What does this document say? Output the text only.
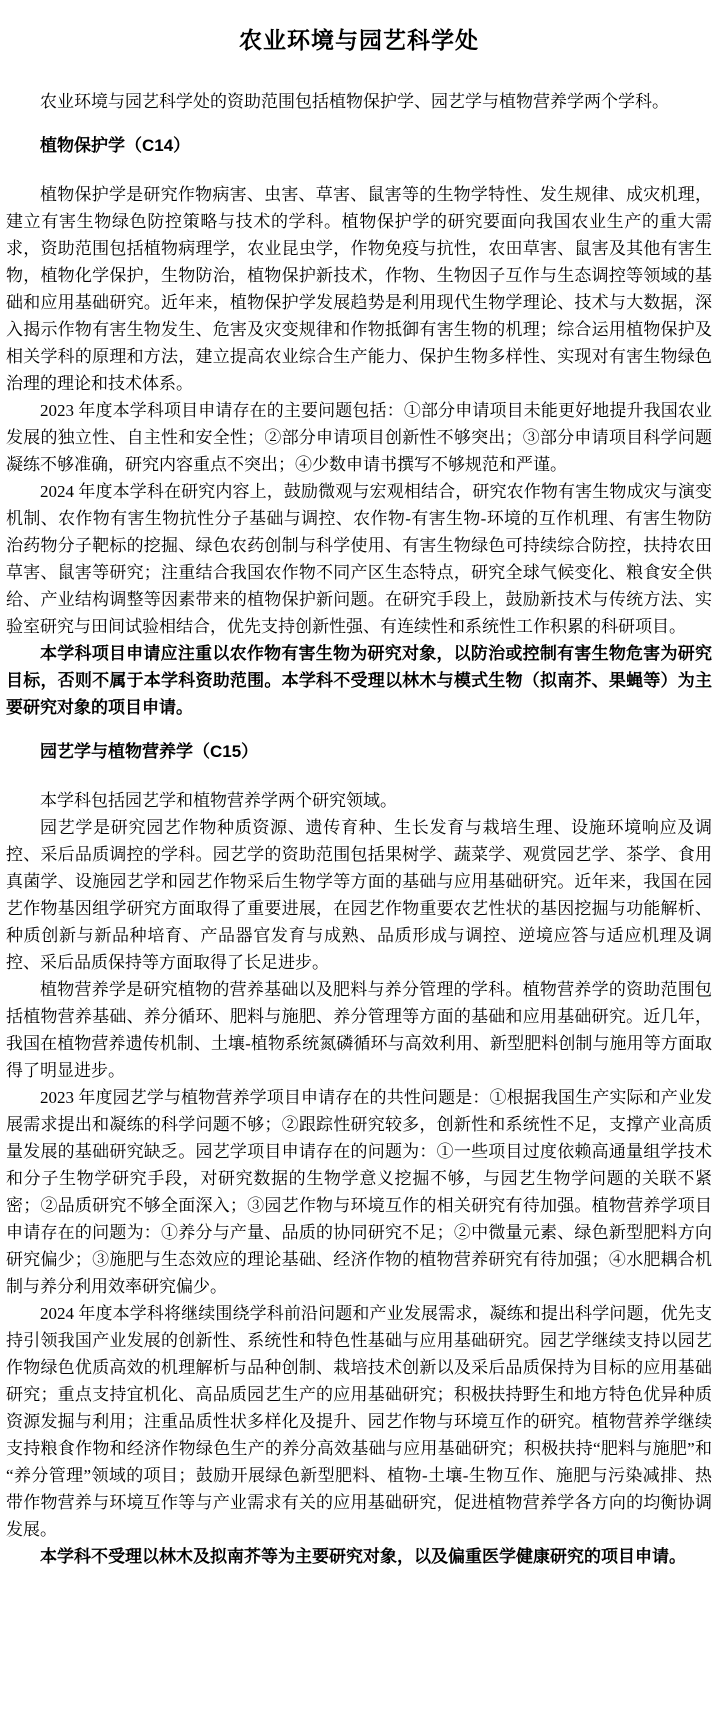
农业环境与园艺科学处

农业环境与园艺科学处的资助范围包括植物保护学、园艺学与植物营养学两个学科。

植物保护学（C14）

植物保护学是研究作物病害、虫害、草害、鼠害等的生物学特性、发生规律、成灾机理，建立有害生物绿色防控策略与技术的学科。植物保护学的研究要面向我国农业生产的重大需求，资助范围包括植物病理学，农业昆虫学，作物免疫与抗性，农田草害、鼠害及其他有害生物，植物化学保护，生物防治，植物保护新技术，作物、生物因子互作与生态调控等领域的基础和应用基础研究。近年来，植物保护学发展趋势是利用现代生物学理论、技术与大数据，深入揭示作物有害生物发生、危害及灾变规律和作物抵御有害生物的机理；综合运用植物保护及相关学科的原理和方法，建立提高农业综合生产能力、保护生物多样性、实现对有害生物绿色治理的理论和技术体系。

2023 年度本学科项目申请存在的主要问题包括：①部分申请项目未能更好地提升我国农业发展的独立性、自主性和安全性；②部分申请项目创新性不够突出；③部分申请项目科学问题凝练不够准确，研究内容重点不突出；④少数申请书撰写不够规范和严谨。

2024 年度本学科在研究内容上，鼓励微观与宏观相结合，研究农作物有害生物成灾与演变机制、农作物有害生物抗性分子基础与调控、农作物-有害生物-环境的互作机理、有害生物防治药物分子靶标的挖掘、绿色农药创制与科学使用、有害生物绿色可持续综合防控，扶持农田草害、鼠害等研究；注重结合我国农作物不同产区生态特点，研究全球气候变化、粮食安全供给、产业结构调整等因素带来的植物保护新问题。在研究手段上，鼓励新技术与传统方法、实验室研究与田间试验相结合，优先支持创新性强、有连续性和系统性工作积累的科研项目。

本学科项目申请应注重以农作物有害生物为研究对象，以防治或控制有害生物危害为研究目标，否则不属于本学科资助范围。本学科不受理以林木与模式生物（拟南芥、果蝇等）为主要研究对象的项目申请。

园艺学与植物营养学（C15）

本学科包括园艺学和植物营养学两个研究领域。

园艺学是研究园艺作物种质资源、遗传育种、生长发育与栽培生理、设施环境响应及调控、采后品质调控的学科。园艺学的资助范围包括果树学、蔬菜学、观赏园艺学、茶学、食用真菌学、设施园艺学和园艺作物采后生物学等方面的基础与应用基础研究。近年来，我国在园艺作物基因组学研究方面取得了重要进展，在园艺作物重要农艺性状的基因挖掘与功能解析、种质创新与新品种培育、产品器官发育与成熟、品质形成与调控、逆境应答与适应机理及调控、采后品质保持等方面取得了长足进步。

植物营养学是研究植物的营养基础以及肥料与养分管理的学科。植物营养学的资助范围包括植物营养基础、养分循环、肥料与施肥、养分管理等方面的基础和应用基础研究。近几年，我国在植物营养遗传机制、土壤-植物系统氮磷循环与高效利用、新型肥料创制与施用等方面取得了明显进步。

2023 年度园艺学与植物营养学项目申请存在的共性问题是：①根据我国生产实际和产业发展需求提出和凝练的科学问题不够；②跟踪性研究较多，创新性和系统性不足，支撑产业高质量发展的基础研究缺乏。园艺学项目申请存在的问题为：①一些项目过度依赖高通量组学技术和分子生物学研究手段，对研究数据的生物学意义挖掘不够，与园艺生物学问题的关联不紧密；②品质研究不够全面深入；③园艺作物与环境互作的相关研究有待加强。植物营养学项目申请存在的问题为：①养分与产量、品质的协同研究不足；②中微量元素、绿色新型肥料方向研究偏少；③施肥与生态效应的理论基础、经济作物的植物营养研究有待加强；④水肥耦合机制与养分利用效率研究偏少。

2024 年度本学科将继续围绕学科前沿问题和产业发展需求，凝练和提出科学问题，优先支持引领我国产业发展的创新性、系统性和特色性基础与应用基础研究。园艺学继续支持以园艺作物绿色优质高效的机理解析与品种创制、栽培技术创新以及采后品质保持为目标的应用基础研究；重点支持宜机化、高品质园艺生产的应用基础研究；积极扶持野生和地方特色优异种质资源发掘与利用；注重品质性状多样化及提升、园艺作物与环境互作的研究。植物营养学继续支持粮食作物和经济作物绿色生产的养分高效基础与应用基础研究；积极扶持“肥料与施肥”和“养分管理”领域的项目；鼓励开展绿色新型肥料、植物-土壤-生物互作、施肥与污染减排、热带作物营养与环境互作等与产业需求有关的应用基础研究，促进植物营养学各方向的均衡协调发展。

本学科不受理以林木及拟南芥等为主要研究对象，以及偏重医学健康研究的项目申请。
